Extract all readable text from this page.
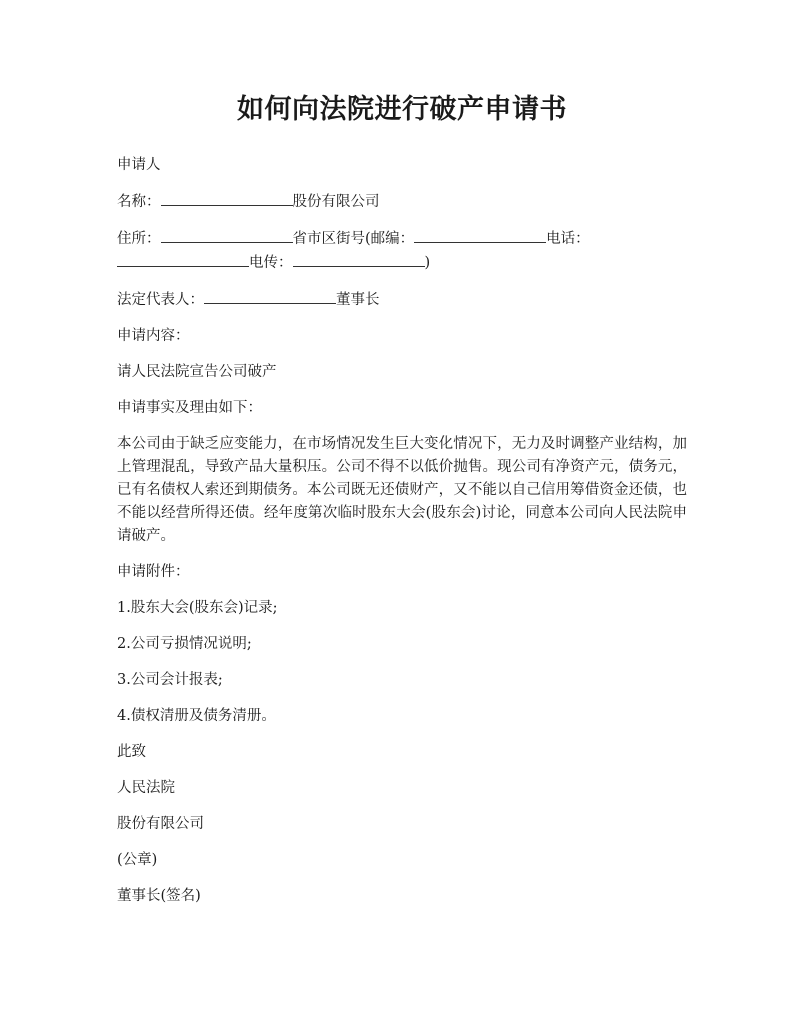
如何向法院进行破产申请书
申请人
名称：	股份有限公司
住所：	省市区街号(邮编：	电话：
电传：	)
法定代表人：	董事长
申请内容：
请人民法院宣告公司破产
申请事实及理由如下：
本公司由于缺乏应变能力，在市场情况发生巨大变化情况下，无力及时调整产业结构，加上管理混乱，导致产品大量积压。公司不得不以低价抛售。现公司有净资产元，债务元，已有名债权人索还到期债务。本公司既无还债财产，又不能以自己信用筹借资金还债，也不能以经营所得还债。经年度第次临时股东大会(股东会)讨论，同意本公司向人民法院申请破产。
申请附件：
1.股东大会(股东会)记录;
2.公司亏损情况说明;
3.公司会计报表;
4.债权清册及债务清册。
此致
人民法院
股份有限公司
(公章)
董事长(签名)
